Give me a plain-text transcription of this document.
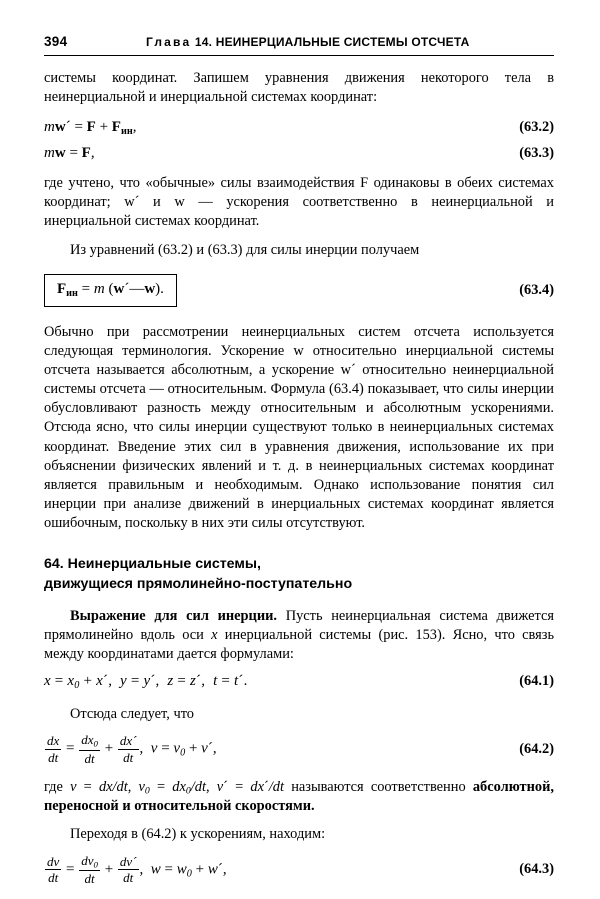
394	Глава 14. НЕИНЕРЦИАЛЬНЫЕ СИСТЕМЫ ОТСЧЕТА

системы координат. Запишем уравнения движения некоторого тела в неинерциальной и инерциальной системах координат:

mw´ = $F + F_{ин}$,	(63.2)
mw = F,	(63.3)

где учтено, что «обычные» силы взаимодействия F одинаковы в обеих системах координат; w´ и w — ускорения соответственно в неинерциальной и инерциальной системах координат.

Из уравнений (63.2) и (63.3) для силы инерции получаем

$F_{ин} = m$ (w´—w).	(63.4)

Обычно при рассмотрении неинерциальных систем отсчета используется следующая терминология. Ускорение w относительно инерциальной системы отсчета называется абсолютным, а ускорение w´ относительно неинерциальной системы отсчета — относительным. Формула (63.4) показывает, что силы инерции обусловливают разность между относительным и абсолютным ускорениями. Отсюда ясно, что силы инерции существуют только в неинерциальных системах координат. Введение этих сил в уравнения движения, использование их при объяснении физических явлений и т. д. в неинерциальных системах координат является правильным и необходимым. Однако использование понятия сил инерции при анализе движений в инерциальных системах координат является ошибочным, поскольку в них эти силы отсутствуют.

64. Неинерциальные системы,
движущиеся прямолинейно-поступательно

Выражение для сил инерции. Пусть неинерциальная система движется прямолинейно вдоль оси x инерциальной системы (рис. 153). Ясно, что связь между координатами дается формулами:

x = x0 + x´,  y = y´,  z = z´,  t = t´.	(64.1)

Отсюда следует, что

$\frac{dx}{dt} = \frac{dx0}{dt} + \frac{dx´}{dt}$ ,  v = v0 + v´,	(64.2)

где v = dx/dt, v0 = dx0/dt, v´ = dx´/dt называются соответственно абсолютной, переносной и относительной скоростями.

Переходя в (64.2) к ускорениям, находим:

$\frac{dv}{dt} = \frac{dv0}{dt} + \frac{dv´}{dt}$ ,  w = w0 + w´,	(64.3)
